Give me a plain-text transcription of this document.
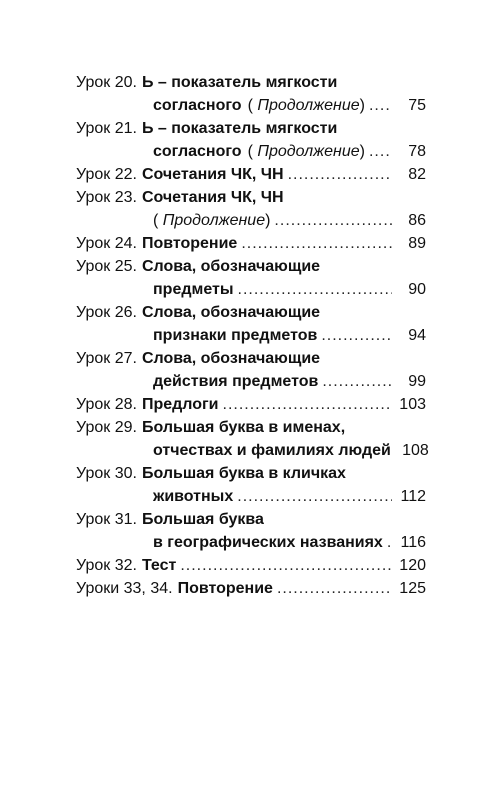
Урок 20. Ь – показатель мягкости
согласного ( Продолжение) .....	75
Урок 21. Ь – показатель мягкости
согласного ( Продолжение) .....	78
Урок 22. Сочетания ЧК, ЧН .....	82
Урок 23. Сочетания ЧК, ЧН
( Продолжение) .....	86
Урок 24. Повторение .....	89
Урок 25. Слова, обозначающие
предметы .....	90
Урок 26. Слова, обозначающие
признаки предметов .....	94
Урок 27. Слова, обозначающие
действия предметов .....	99
Урок 28. Предлоги .....	103
Урок 29. Большая буква в именах,
отчествах и фамилиях людей 108
Урок 30. Большая буква в кличках
животных .....	112
Урок 31. Большая буква
в географических названиях ..... 116
Урок 32. Тест .....	120
Уроки 33, 34. Повторение .....	125
